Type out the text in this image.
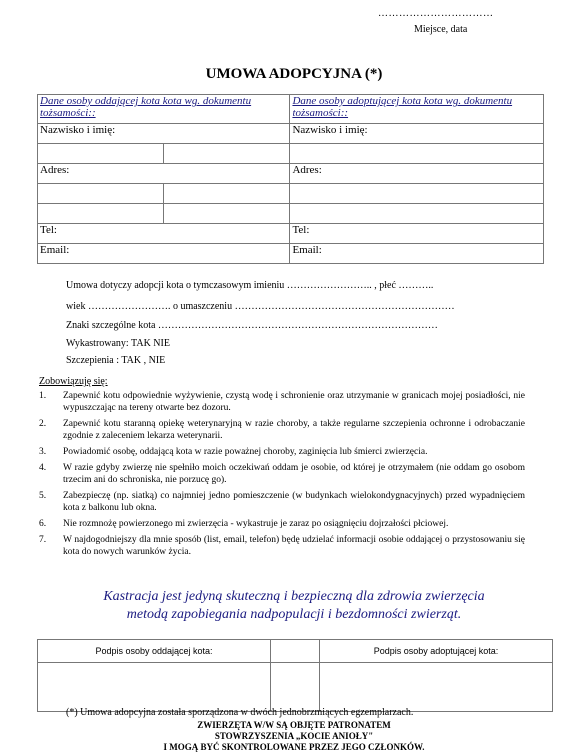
……………………………
Miejsce, data
UMOWA ADOPCYJNA (*)
Dane osoby oddającej kota kota wg. dokumentu tożsamości::		Dane osoby adoptującej kota kota wg. dokumentu tożsamości::
Nazwisko i imię:		Nazwisko i imię:

Adres:		Adres:

Tel:		Tel:
Email:		Email:
Umowa dotyczy adopcji kota o tymczasowym imieniu …………………….. , płeć ………..
wiek ……………………. o umaszczeniu …………………………………………………………
Znaki szczególne kota …………………………………………………………………………
Wykastrowany: TAK NIE
Szczepienia : TAK , NIE
Zobowiązuję się:
1.	Zapewnić kotu odpowiednie wyżywienie, czystą wodę i schronienie oraz utrzymanie w granicach mojej posiadłości, nie wypuszczając na tereny otwarte bez dozoru.
2.	Zapewnić kotu staranną opiekę weterynaryjną w razie choroby, a także regularne szczepienia ochronne i odrobaczanie zgodnie z zaleceniem lekarza weterynarii.
3.	Powiadomić osobę, oddającą kota w razie poważnej choroby, zaginięcia lub śmierci zwierzęcia.
4.	W razie gdyby zwierzę nie spełniło moich oczekiwań oddam je osobie, od której je otrzymałem (nie oddam go osobom trzecim ani do schroniska, nie porzucę go).
5.	Zabezpieczę (np. siatką) co najmniej jedno pomieszczenie (w budynkach wielokondygnacyjnych) przed wypadnięciem kota z balkonu lub okna.
6.	Nie rozmnożę powierzonego mi zwierzęcia - wykastruje je zaraz po osiągnięciu dojrzałości płciowej.
7.	W najdogodniejszy dla mnie sposób (list, email, telefon) będę udzielać informacji osobie oddającej o przystosowaniu się kota do nowych warunków życia.
Kastracja jest jedyną skuteczną i bezpieczną dla zdrowia zwierzęcia
metodą zapobiegania nadpopulacji i bezdomności zwierząt.
Podpis osoby oddającej kota:		Podpis osoby adoptującej kota:

(*) Umowa adopcyjna została sporządzona w dwóch jednobrzmiących egzemplarzach.
ZWIERZĘTA W/W SĄ OBJĘTE PATRONATEM
STOWRZYSZENIA „KOCIE ANIOŁY"
I MOGĄ BYĆ SKONTROLOWANE PRZEZ JEGO CZŁONKÓW.
